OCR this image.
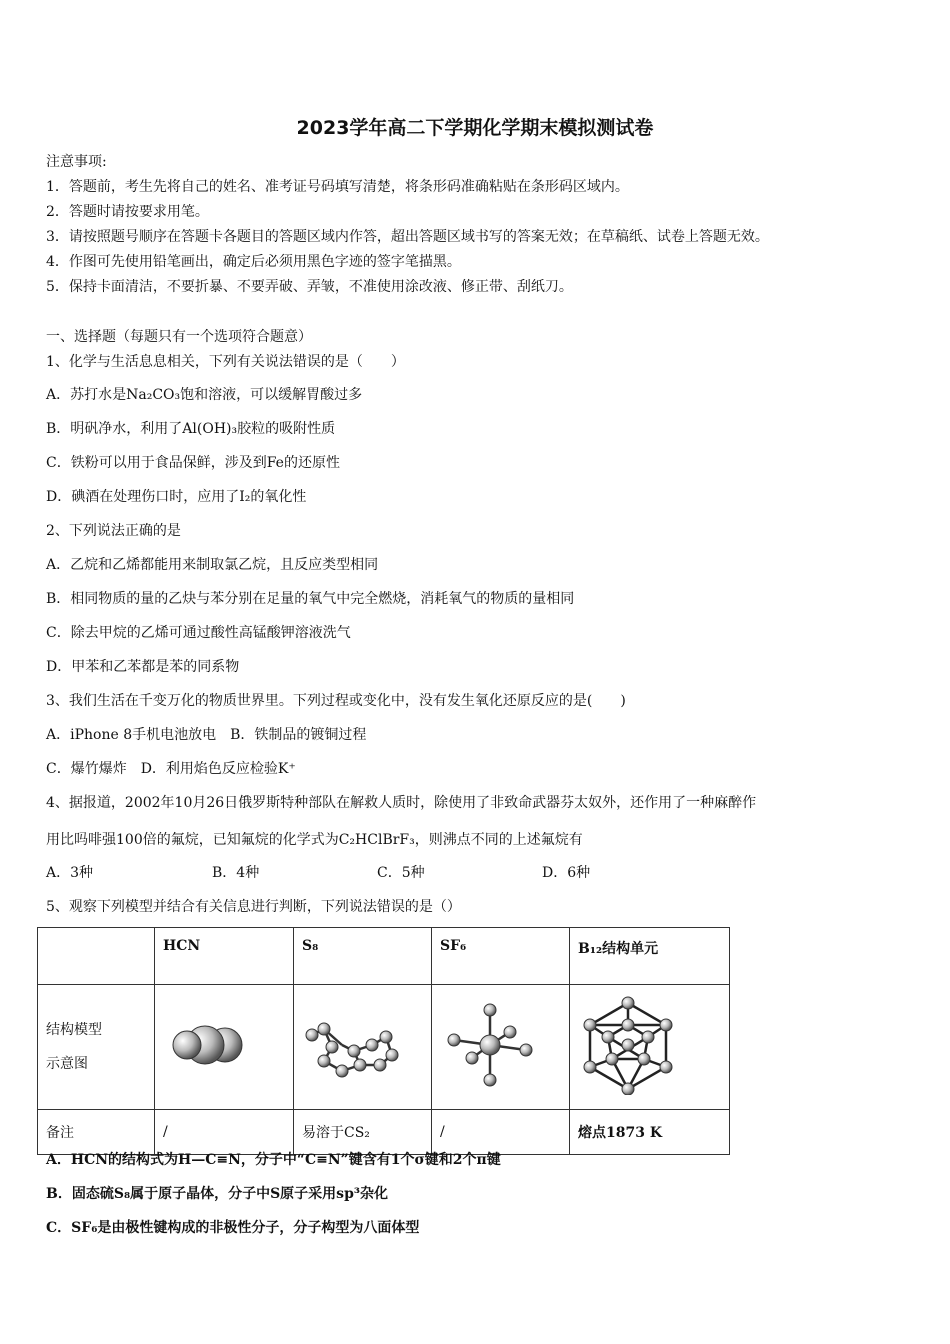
2023学年高二下学期化学期末模拟测试卷
注意事项:
1．答题前，考生先将自己的姓名、准考证号码填写清楚，将条形码准确粘贴在条形码区域内。
2．答题时请按要求用笔。
3．请按照题号顺序在答题卡各题目的答题区域内作答，超出答题区域书写的答案无效；在草稿纸、试卷上答题无效。
4．作图可先使用铅笔画出，确定后必须用黑色字迹的签字笔描黑。
5．保持卡面清洁，不要折暴、不要弄破、弄皱，不准使用涂改液、修正带、刮纸刀。
一、选择题（每题只有一个选项符合题意）
1、化学与生活息息相关，下列有关说法错误的是（　　）
A．苏打水是Na₂CO₃饱和溶液，可以缓解胃酸过多
B．明矾净水，利用了Al(OH)₃胶粒的吸附性质
C．铁粉可以用于食品保鲜，涉及到Fe的还原性
D．碘酒在处理伤口时，应用了I₂的氧化性
2、下列说法正确的是
A．乙烷和乙烯都能用来制取氯乙烷，且反应类型相同
B．相同物质的量的乙炔与苯分别在足量的氧气中完全燃烧，消耗氧气的物质的量相同
C．除去甲烷的乙烯可通过酸性高锰酸钾溶液洗气
D．甲苯和乙苯都是苯的同系物
3、我们生活在千变万化的物质世界里。下列过程或变化中，没有发生氧化还原反应的是(　　)
A．iPhone 8手机电池放电　B．铁制品的镀铜过程
C．爆竹爆炸　D．利用焰色反应检验K⁺
4、据报道，2002年10月26日俄罗斯特种部队在解救人质时，除使用了非致命武器芬太奴外，还作用了一种麻醉作
用比吗啡强100倍的氟烷，已知氟烷的化学式为C₂HClBrF₃，则沸点不同的上述氟烷有
A．3种	B．4种	C．5种	D．6种
5、观察下列模型并结合有关信息进行判断，下列说法错误的是（）
	HCN	S₈	SF₆	B₁₂结构单元

结构模型
示意图

备注	/	易溶于CS₂	/	熔点1873 K
A．HCN的结构式为H—C≡N，分子中“C≡N”键含有1个σ键和2个π键
B．固态硫S₈属于原子晶体，分子中S原子采用sp³杂化
C．SF₆是由极性键构成的非极性分子，分子构型为八面体型
